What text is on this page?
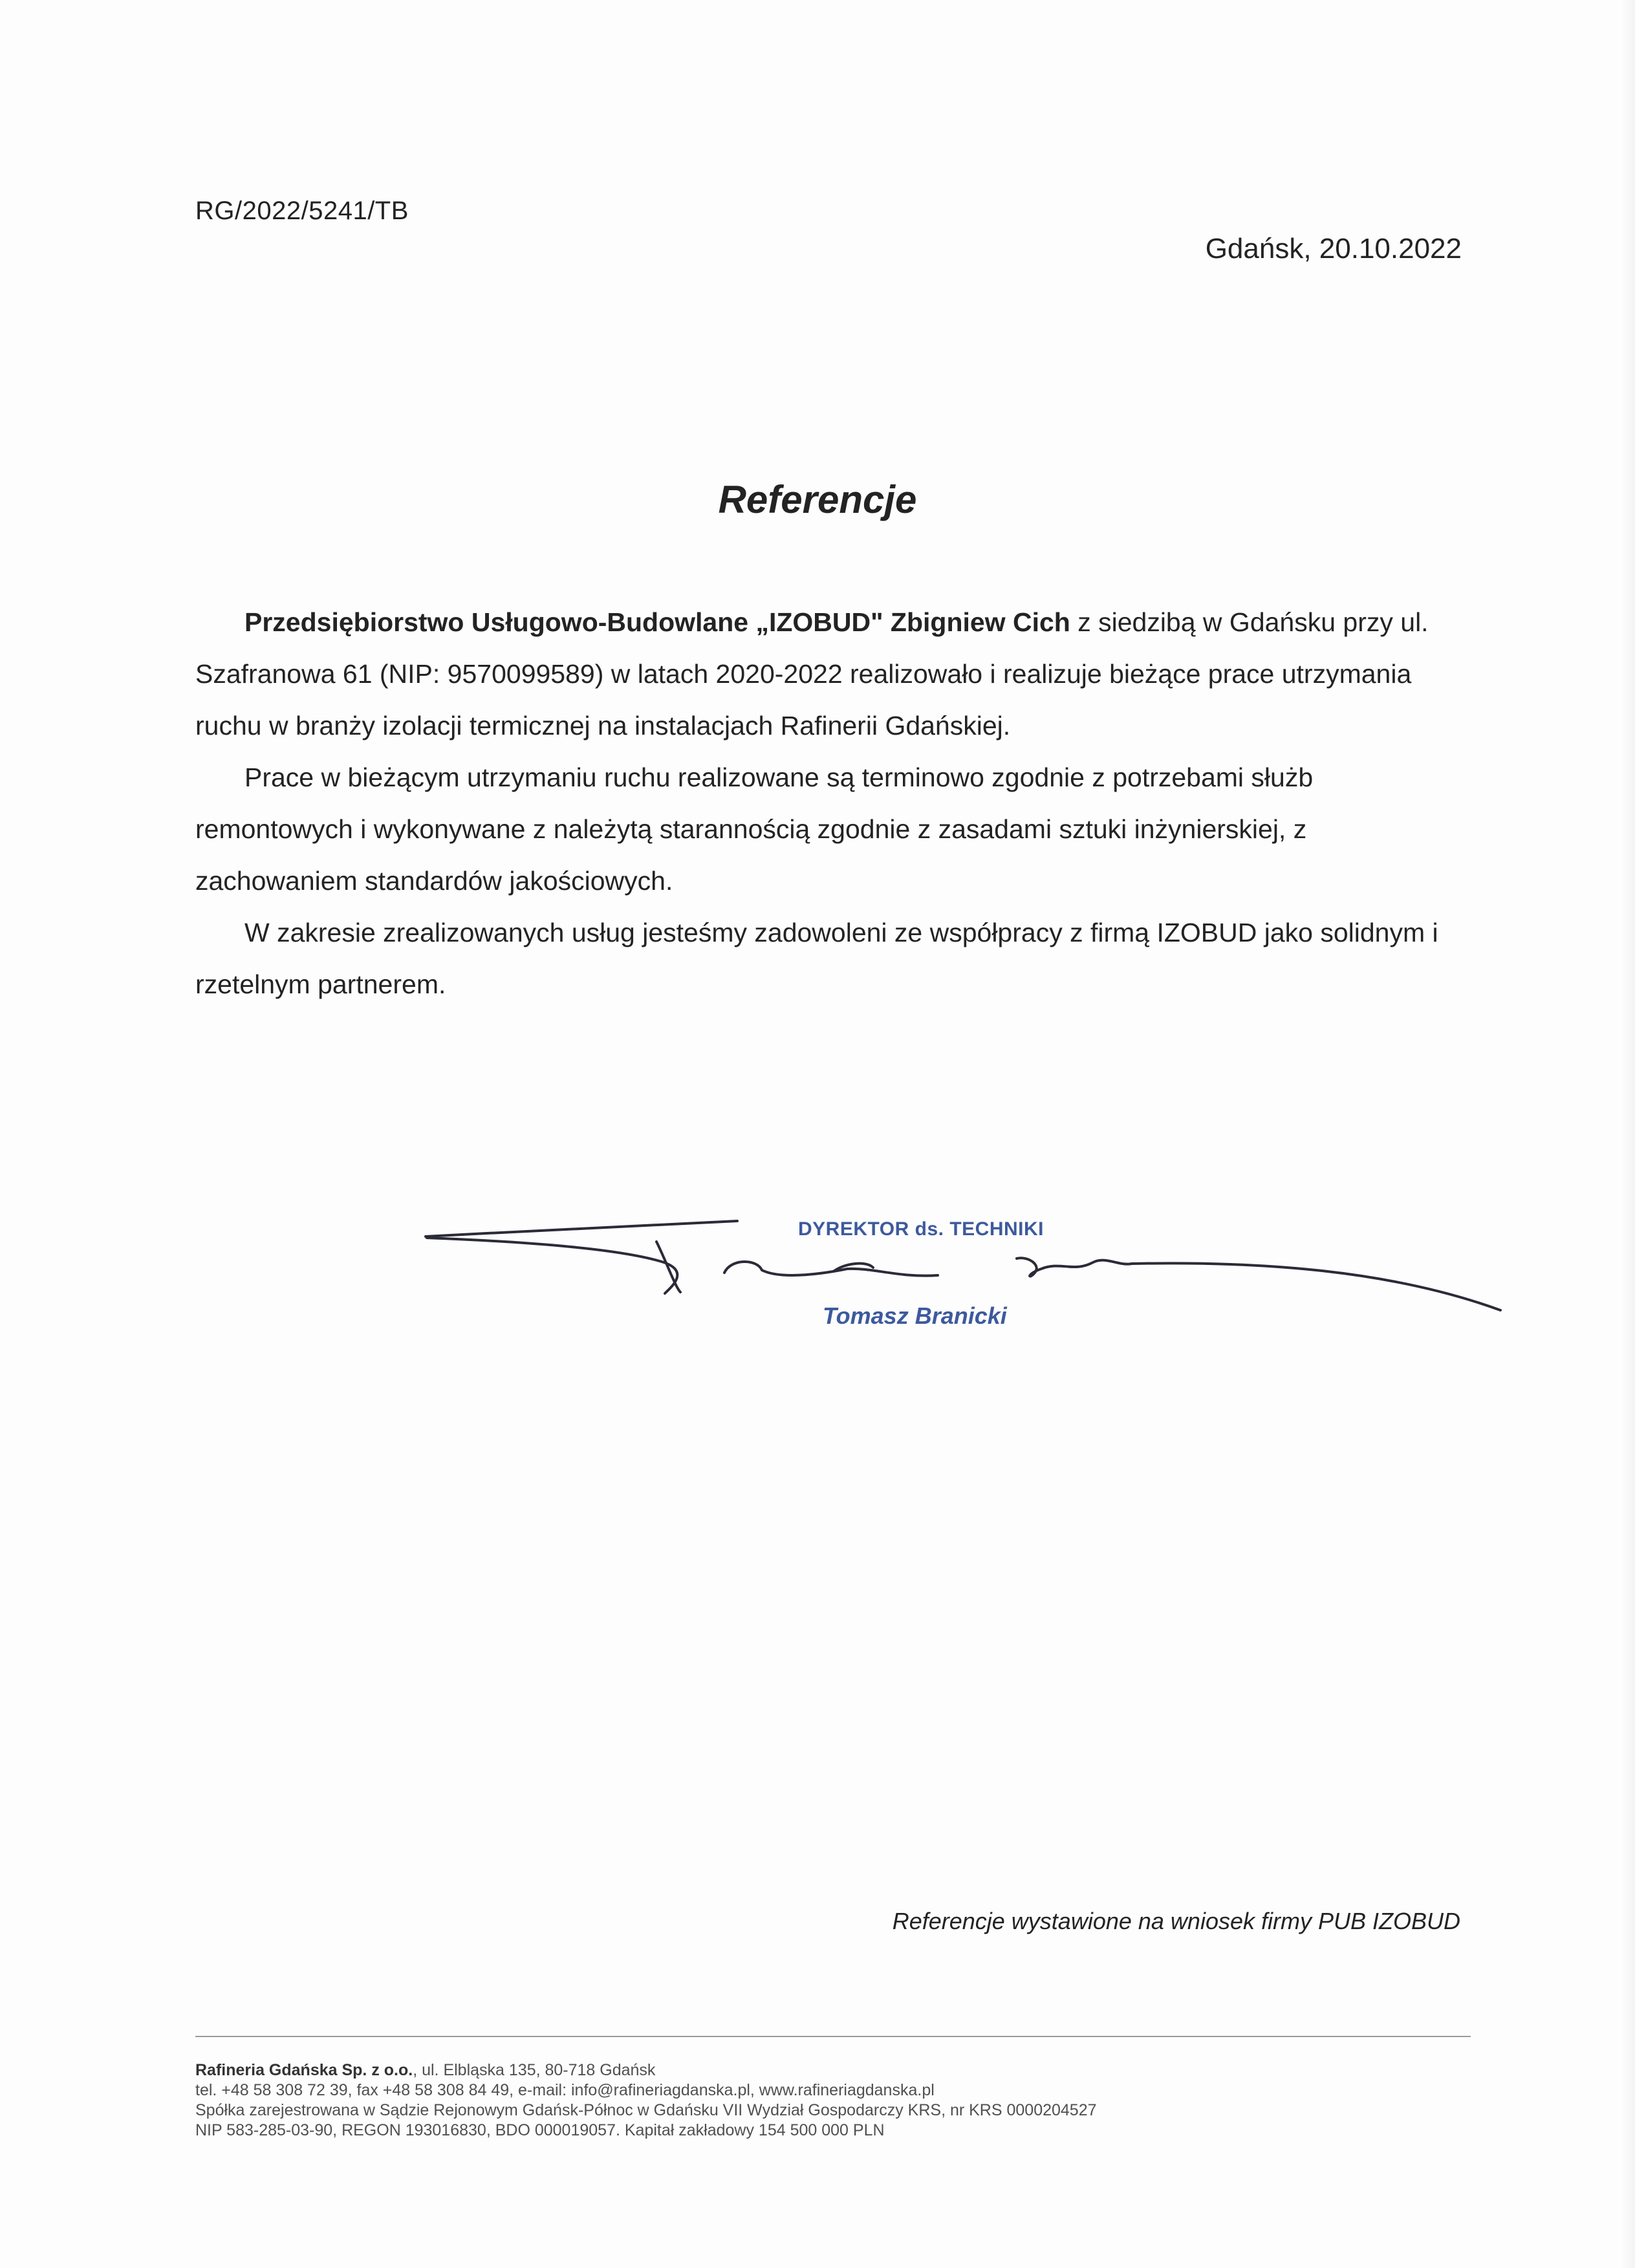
RG/2022/5241/TB
Gdańsk, 20.10.2022
Referencje

Przedsiębiorstwo Usługowo-Budowlane „IZOBUD" Zbigniew Cich z siedzibą w Gdańsku przy ul. Szafranowa 61 (NIP: 9570099589) w latach 2020-2022 realizowało i realizuje bieżące prace utrzymania ruchu w branży izolacji termicznej na instalacjach Rafinerii Gdańskiej.

Prace w bieżącym utrzymaniu ruchu realizowane są terminowo zgodnie z potrzebami służb remontowych i wykonywane z należytą starannością zgodnie z zasadami sztuki inżynierskiej, z zachowaniem standardów jakościowych.

W zakresie zrealizowanych usług jesteśmy zadowoleni ze współpracy z firmą IZOBUD jako solidnym i rzetelnym partnerem.

DYREKTOR ds. TECHNIKI
Tomasz Branicki
Referencje wystawione na wniosek firmy PUB IZOBUD
Rafineria Gdańska Sp. z o.o., ul. Elbląska 135, 80-718 Gdańsk
tel. +48 58 308 72 39, fax +48 58 308 84 49, e-mail: info@rafineriagdanska.pl, www.rafineriagdanska.pl
Spółka zarejestrowana w Sądzie Rejonowym Gdańsk-Północ w Gdańsku VII Wydział Gospodarczy KRS, nr KRS 0000204527
NIP 583-285-03-90, REGON 193016830, BDO 000019057. Kapitał zakładowy 154 500 000 PLN
